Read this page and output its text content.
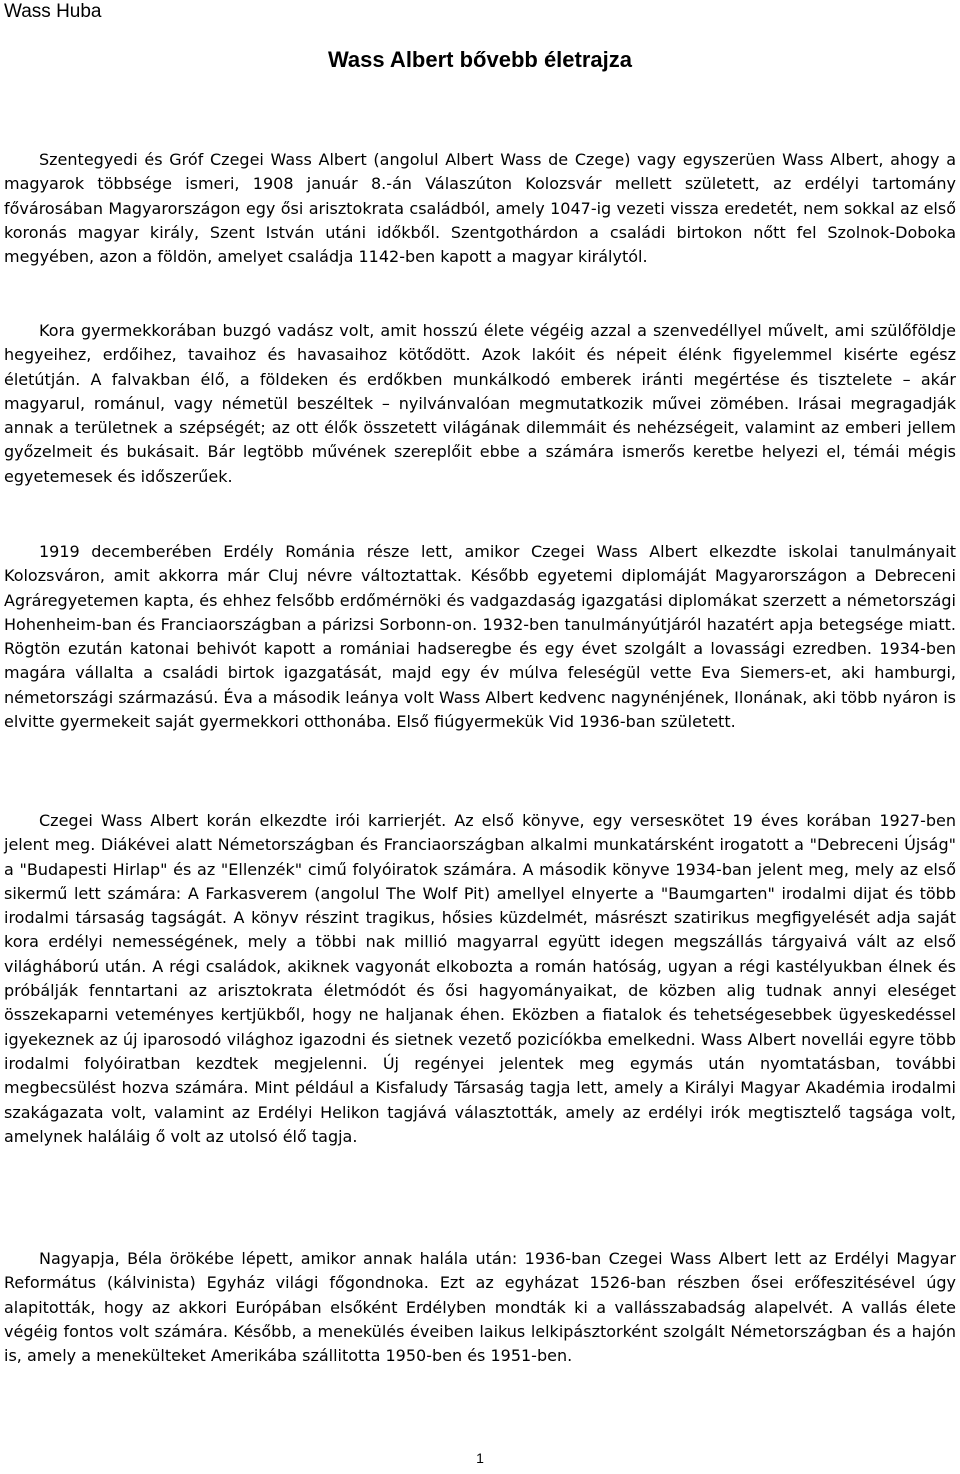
Wass Huba
Wass Albert bővebb életrajza

Szentegyedi és Gróf Czegei Wass Albert (angolul Albert Wass de Czege) vagy egyszerüen Wass Albert, ahogy a magyarok többsége ismeri, 1908 január 8.-án Válaszúton Kolozsvár mellett született, az erdélyi tartomány fővárosában Magyarországon egy ősi arisztokrata családból, amely 1047-ig vezeti vissza eredetét, nem sokkal az első koronás magyar király, Szent István utáni időkből. Szentgothárdon a családi birtokon nőtt fel Szolnok-Doboka megyében, azon a földön, amelyet családja 1142-ben kapott a magyar királytól.

Kora gyermekkorában buzgó vadász volt, amit hosszú élete végéig azzal a szenvedéllyel művelt, ami szülőföldje hegyeihez, erdőihez, tavaihoz és havasaihoz kötődött. Azok lakóit és népeit élénk figyelemmel kisérte egész életútján. A falvakban élő, a földeken és erdőkben munkálkodó emberek iránti megértése és tisztelete – akár magyarul, románul, vagy németül beszéltek – nyilvánvalóan megmutatkozik művei zömében. Irásai megragadják annak a területnek a szépségét; az ott élők összetett világának dilemmáit és nehézségeit, valamint az emberi jellem győzelmeit és bukásait. Bár legtöbb művének szereplőit ebbe a számára ismerős keretbe helyezi el, témái mégis egyetemesek és időszerűek.

1919 decemberében Erdély Románia része lett, amikor Czegei Wass Albert elkezdte iskolai tanulmányait Kolozsváron, amit akkorra már Cluj névre változtattak. Később egyetemi diplomáját Magyarországon a Debreceni Agráregyetemen kapta, és ehhez felsőbb erdőmérnöki és vadgazdaság igazgatási diplomákat szerzett a németországi Hohenheim-ban és Franciaországban a párizsi Sorbonn-on. 1932-ben tanulmányútjáról hazatért apja betegsége miatt. Rögtön ezután katonai behivót kapott a romániai hadseregbe és egy évet szolgált a lovassági ezredben. 1934-ben magára vállalta a családi birtok igazgatását, majd egy év múlva feleségül vette Eva Siemers-et, aki hamburgi, németországi származású. Éva a második leánya volt Wass Albert kedvenc nagynénjének, Ilonának, aki több nyáron is elvitte gyermekeit saját gyermekkori otthonába. Első fiúgyermekük Vid 1936-ban született.

Czegei Wass Albert korán elkezdte irói karrierjét. Az első könyve, egy versesкötet 19 éves korában 1927-ben jelent meg. Diákévei alatt Németországban és Franciaországban alkalmi munkatársként irogatott a "Debreceni Újság" a "Budapesti Hirlap" és az "Ellenzék" cimű folyóiratok számára. A második könyve 1934-ban jelent meg, mely az első sikermű lett számára: A Farkasverem (angolul The Wolf Pit) amellyel elnyerte a "Baumgarten" irodalmi dijat és több irodalmi társaság tagságát. A könyv részint tragikus, hősies küzdelmét, másrészt szatirikus megfigyelését adja saját kora erdélyi nemességének, mely a többi nak millió magyarral együtt idegen megszállás tárgyaivá vált az első világháború után. A régi családok, akiknek vagyonát elkobozta a román hatóság, ugyan a régi kastélyukban élnek és próbálják fenntartani az arisztokrata életmódót és ősi hagyományaikat, de közben alig tudnak annyi eleséget összekaparni veteményes kertjükből, hogy ne haljanak éhen. Eközben a fiatalok és tehetségesebbek ügyeskedéssel igyekeznek az új iparosodó világhoz igazodni és sietnek vezető pozicíókba emelkedni. Wass Albert novellái egyre több irodalmi folyóiratban kezdtek megjelenni. Új regényei jelentek meg egymás után nyomtatásban, további megbecsülést hozva számára. Mint például a Kisfaludy Társaság tagja lett, amely a Királyi Magyar Akadémia irodalmi szakágazata volt, valamint az Erdélyi Helikon tagjává választották, amely az erdélyi irók megtisztelő tagsága volt, amelynek haláláig ő volt az utolsó élő tagja.

Nagyapja, Béla örökébe lépett, amikor annak halála után: 1936-ban Czegei Wass Albert lett az Erdélyi Magyar Református (kálvinista) Egyház világi főgondnoka. Ezt az egyházat 1526-ban részben ősei erőfeszitésével úgy alapitották, hogy az akkori Európában elsőként Erdélyben mondták ki a vallásszabadság alapelvét. A vallás élete végéig fontos volt számára. Később, a menekülés éveiben laikus lelkipásztorként szolgált Németországban és a hajón is, amely a menekülteket Amerikába szállitotta 1950-ben és 1951-ben.

1
